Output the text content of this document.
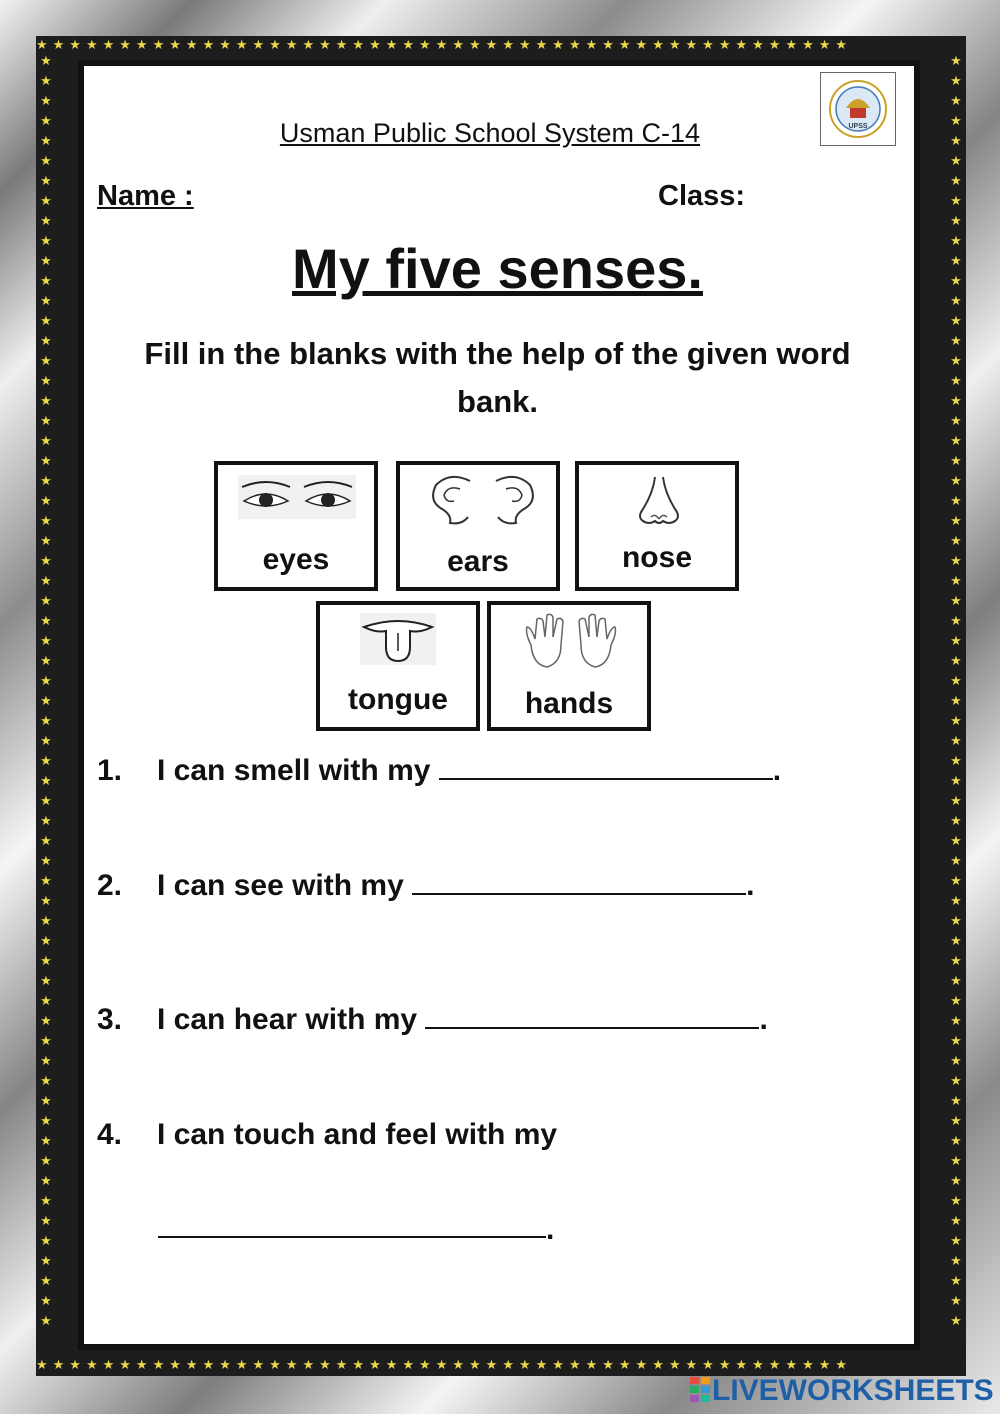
★★★★★★★★★★★★★★★★★★★★★★★★★★★★★★★★★★★★★★★★★★★★★★★★★
★★★★★★★★★★★★★★★★★★★★★★★★★★★★★★★★★★★★★★★★★★★★★★★★★
★★★★★★★★★★★★★★★★★★★★★★★★★★★★★★★★★★★★★★★★★★★★★★★★★★★★★★★★★★★★★★★★
★★★★★★★★★★★★★★★★★★★★★★★★★★★★★★★★★★★★★★★★★★★★★★★★★★★★★★★★★★★★★★★★
UPSS
Usman Public School System C-14
Name :	Class:
My five senses.
Fill in the blanks with the help of the given word bank.
eyes	ears	nose
tongue	hands
1. I can smell with my	.
2. I can see with my	.
3. I can hear with my	.
4. I can touch and feel with my
.
LIVEWORKSHEETS
